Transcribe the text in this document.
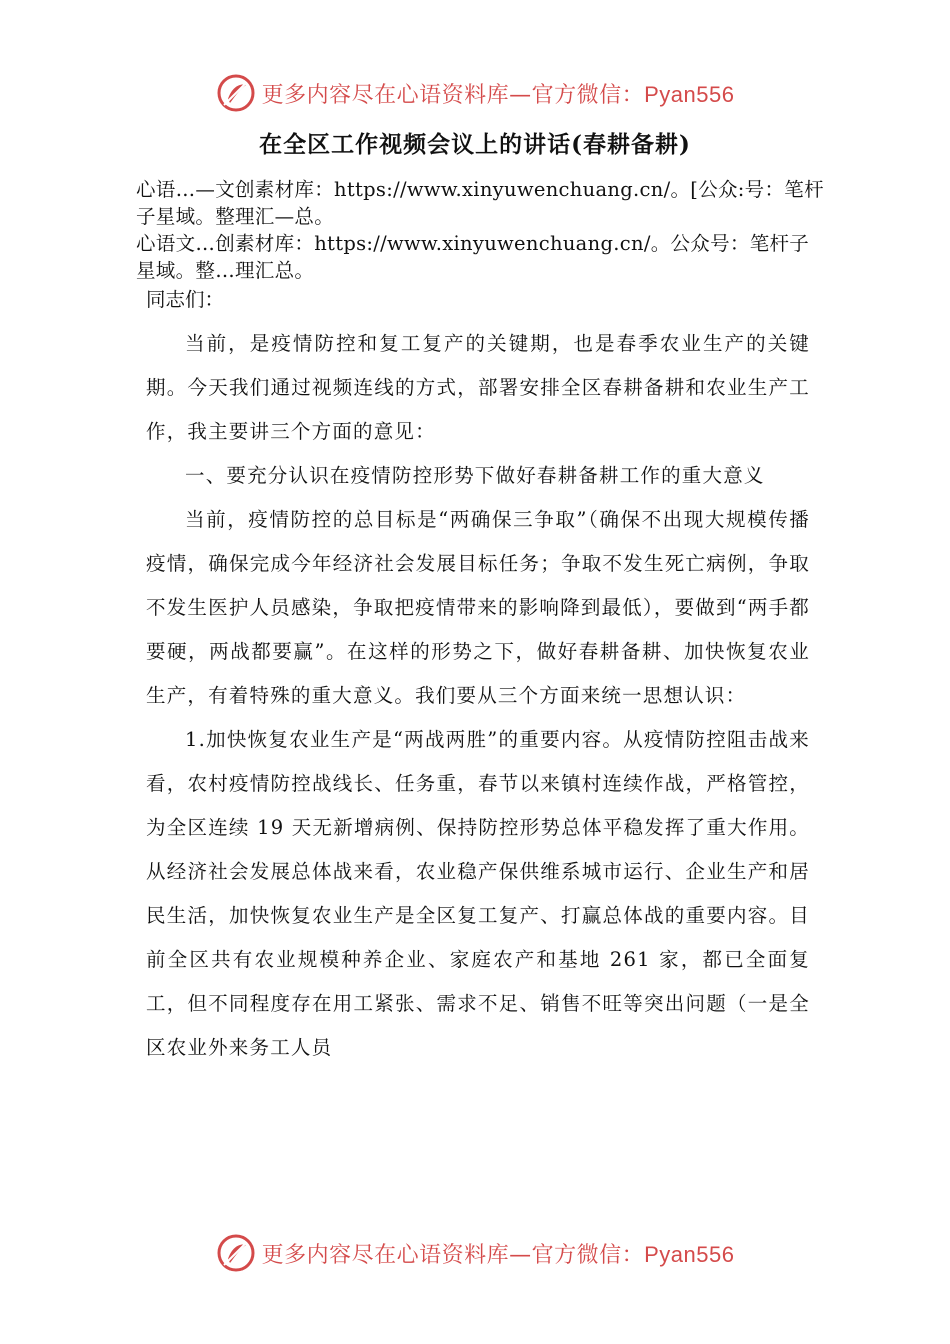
更多内容尽在心语资料库—官方微信：Pyan556
在全区工作视频会议上的讲话(春耕备耕)
心语…—文创素材库：https://www.xinyuwenchuang.cn/。[公众:号：笔杆子星域。整理汇—总。
心语文…创素材库：https://www.xinyuwenchuang.cn/。公众号：笔杆子星域。整…理汇总。
同志们：

当前，是疫情防控和复工复产的关键期，也是春季农业生产的关键期。今天我们通过视频连线的方式，部署安排全区春耕备耕和农业生产工作，我主要讲三个方面的意见：

一、要充分认识在疫情防控形势下做好春耕备耕工作的重大意义

当前，疫情防控的总目标是“两确保三争取”（确保不出现大规模传播疫情，确保完成今年经济社会发展目标任务；争取不发生死亡病例，争取不发生医护人员感染，争取把疫情带来的影响降到最低），要做到“两手都要硬，两战都要赢”。在这样的形势之下，做好春耕备耕、加快恢复农业生产，有着特殊的重大意义。我们要从三个方面来统一思想认识：

1.加快恢复农业生产是“两战两胜”的重要内容。从疫情防控阻击战来看，农村疫情防控战线长、任务重，春节以来镇村连续作战，严格管控，为全区连续 19 天无新增病例、保持防控形势总体平稳发挥了重大作用。从经济社会发展总体战来看，农业稳产保供维系城市运行、企业生产和居民生活，加快恢复农业生产是全区复工复产、打赢总体战的重要内容。目前全区共有农业规模种养企业、家庭农产和基地 261 家，都已全面复工，但不同程度存在用工紧张、需求不足、销售不旺等突出问题（一是全区农业外来务工人员

更多内容尽在心语资料库—官方微信：Pyan556
